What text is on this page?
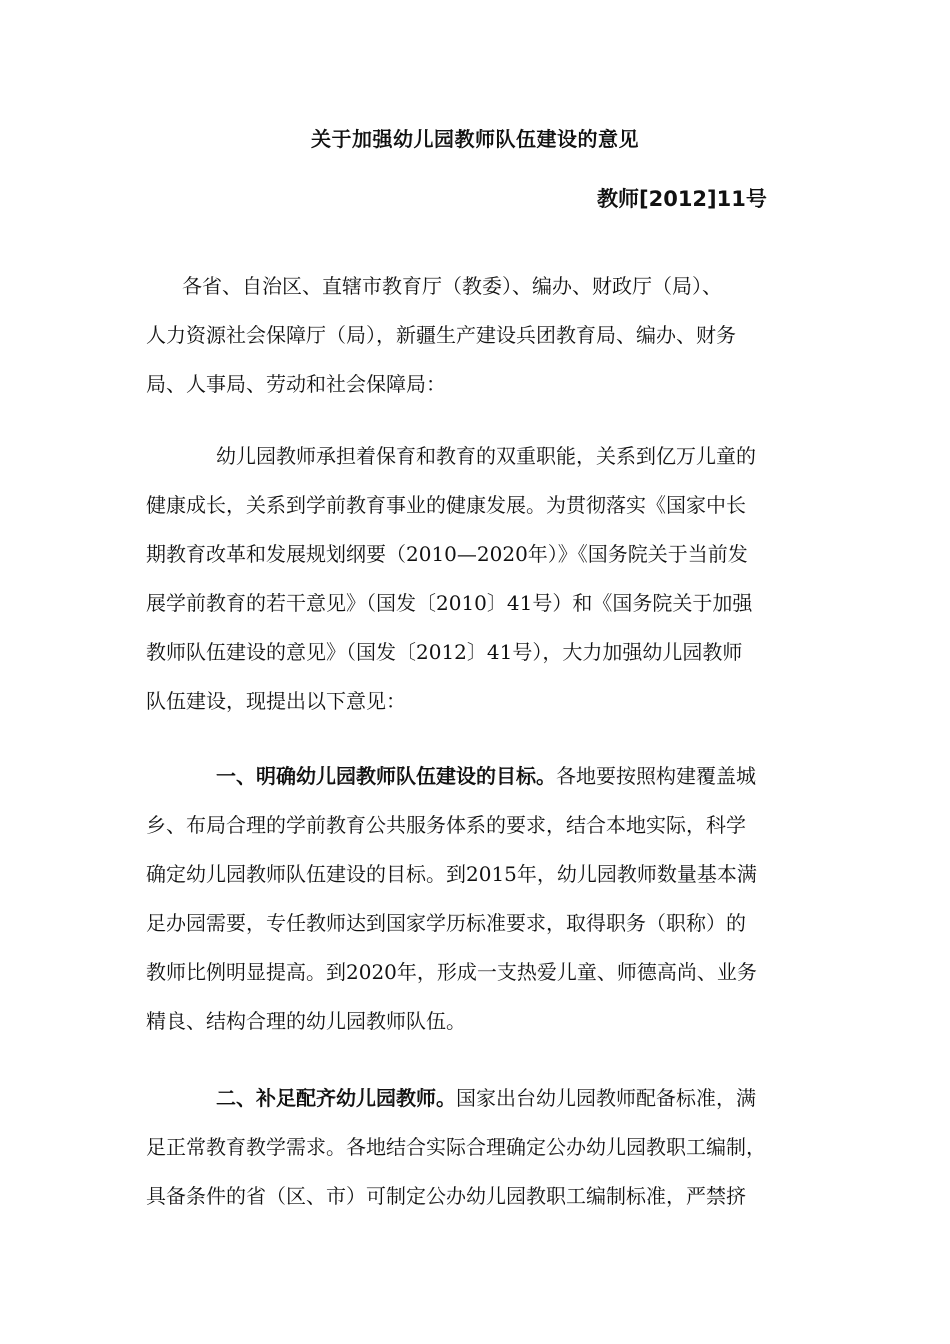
关于加强幼儿园教师队伍建设的意见
教师[2012]11号
各省、自治区、直辖市教育厅（教委）、编办、财政厅（局）、
人力资源社会保障厅（局），新疆生产建设兵团教育局、编办、财务
局、人事局、劳动和社会保障局：
幼儿园教师承担着保育和教育的双重职能，关系到亿万儿童的
健康成长，关系到学前教育事业的健康发展。为贯彻落实《国家中长
期教育改革和发展规划纲要（2010—2020年）》《国务院关于当前发
展学前教育的若干意见》（国发〔2010〕41号）和《国务院关于加强
教师队伍建设的意见》（国发〔2012〕41号），大力加强幼儿园教师
队伍建设，现提出以下意见：
一、明确幼儿园教师队伍建设的目标。各地要按照构建覆盖城
乡、布局合理的学前教育公共服务体系的要求，结合本地实际，科学
确定幼儿园教师队伍建设的目标。到2015年，幼儿园教师数量基本满
足办园需要，专任教师达到国家学历标准要求，取得职务（职称）的
教师比例明显提高。到2020年，形成一支热爱儿童、师德高尚、业务
精良、结构合理的幼儿园教师队伍。
二、补足配齐幼儿园教师。国家出台幼儿园教师配备标准，满
足正常教育教学需求。各地结合实际合理确定公办幼儿园教职工编制，
具备条件的省（区、市）可制定公办幼儿园教职工编制标准，严禁挤
